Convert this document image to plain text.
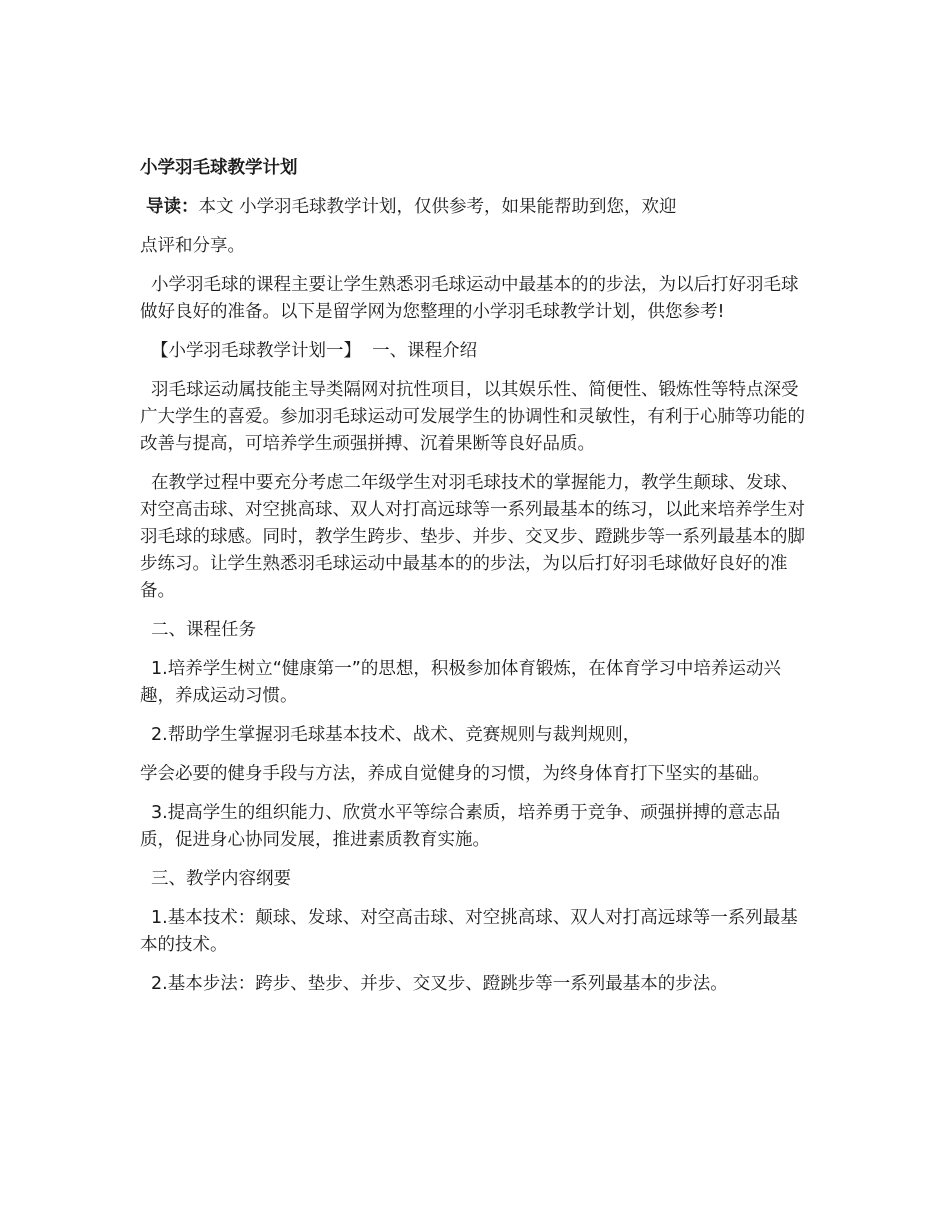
小学羽毛球教学计划

导读：本文 小学羽毛球教学计划，仅供参考，如果能帮助到您，欢迎

点评和分享。

小学羽毛球的课程主要让学生熟悉羽毛球运动中最基本的的步法，为以后打好羽毛球做好良好的准备。以下是留学网为您整理的小学羽毛球教学计划，供您参考!

【小学羽毛球教学计划一】  一、课程介绍

羽毛球运动属技能主导类隔网对抗性项目，以其娱乐性、简便性、锻炼性等特点深受广大学生的喜爱。参加羽毛球运动可发展学生的协调性和灵敏性，有利于心肺等功能的改善与提高，可培养学生顽强拼搏、沉着果断等良好品质。

在教学过程中要充分考虑二年级学生对羽毛球技术的掌握能力，教学生颠球、发球、对空高击球、对空挑高球、双人对打高远球等一系列最基本的练习，以此来培养学生对羽毛球的球感。同时，教学生跨步、垫步、并步、交叉步、蹬跳步等一系列最基本的脚步练习。让学生熟悉羽毛球运动中最基本的的步法，为以后打好羽毛球做好良好的准备。

二、课程任务

1.培养学生树立“健康第一”的思想，积极参加体育锻炼，在体育学习中培养运动兴趣，养成运动习惯。

2.帮助学生掌握羽毛球基本技术、战术、竞赛规则与裁判规则，

学会必要的健身手段与方法，养成自觉健身的习惯，为终身体育打下坚实的基础。

3.提高学生的组织能力、欣赏水平等综合素质，培养勇于竞争、顽强拼搏的意志品质，促进身心协同发展，推进素质教育实施。

三、教学内容纲要

1.基本技术：颠球、发球、对空高击球、对空挑高球、双人对打高远球等一系列最基本的技术。

2.基本步法：跨步、垫步、并步、交叉步、蹬跳步等一系列最基本的步法。
